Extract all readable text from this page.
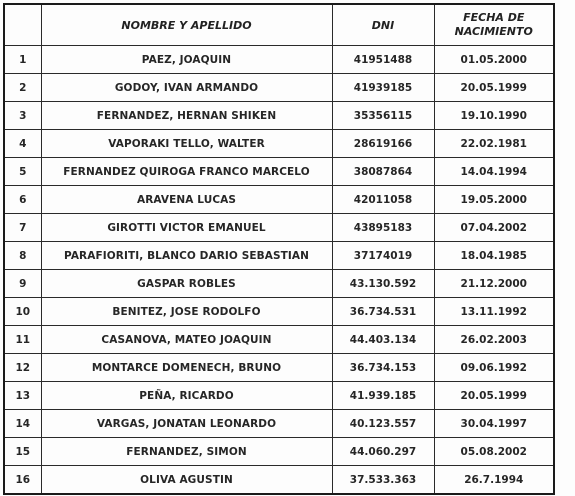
	NOMBRE Y APELLIDO	DNI	FECHA DE
NACIMIENTO
1	PAEZ, JOAQUIN	41951488	01.05.2000
2	GODOY, IVAN ARMANDO	41939185	20.05.1999
3	FERNANDEZ, HERNAN SHIKEN	35356115	19.10.1990
4	VAPORAKI TELLO, WALTER	28619166	22.02.1981
5	FERNANDEZ QUIROGA FRANCO MARCELO	38087864	14.04.1994
6	ARAVENA LUCAS	42011058	19.05.2000
7	GIROTTI VICTOR EMANUEL	43895183	07.04.2002
8	PARAFIORITI, BLANCO DARIO SEBASTIAN	37174019	18.04.1985
9	GASPAR ROBLES	43.130.592	21.12.2000
10	BENITEZ, JOSE RODOLFO	36.734.531	13.11.1992
11	CASANOVA, MATEO JOAQUIN	44.403.134	26.02.2003
12	MONTARCE DOMENECH, BRUNO	36.734.153	09.06.1992
13	PEÑA, RICARDO	41.939.185	20.05.1999
14	VARGAS, JONATAN LEONARDO	40.123.557	30.04.1997
15	FERNANDEZ, SIMON	44.060.297	05.08.2002
16	OLIVA AGUSTIN	37.533.363	26.7.1994
